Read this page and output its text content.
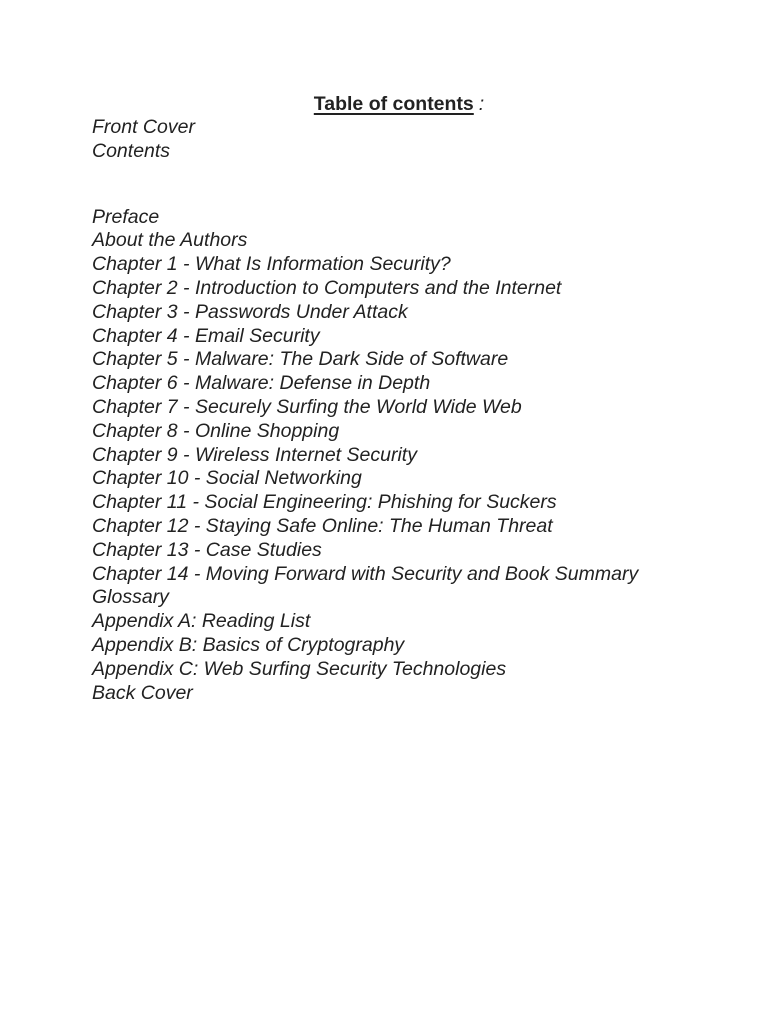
Table of contents :
Front Cover
Contents
Preface
About the Authors
Chapter 1 - What Is Information Security?
Chapter 2 - Introduction to Computers and the Internet
Chapter 3 - Passwords Under Attack
Chapter 4 - Email Security
Chapter 5 - Malware: The Dark Side of Software
Chapter 6 - Malware: Defense in Depth
Chapter 7 - Securely Surfing the World Wide Web
Chapter 8 - Online Shopping
Chapter 9 - Wireless Internet Security
Chapter 10 - Social Networking
Chapter 11 - Social Engineering: Phishing for Suckers
Chapter 12 - Staying Safe Online: The Human Threat
Chapter 13 - Case Studies
Chapter 14 - Moving Forward with Security and Book Summary
Glossary
Appendix A: Reading List
Appendix B: Basics of Cryptography
Appendix C: Web Surfing Security Technologies
Back Cover
